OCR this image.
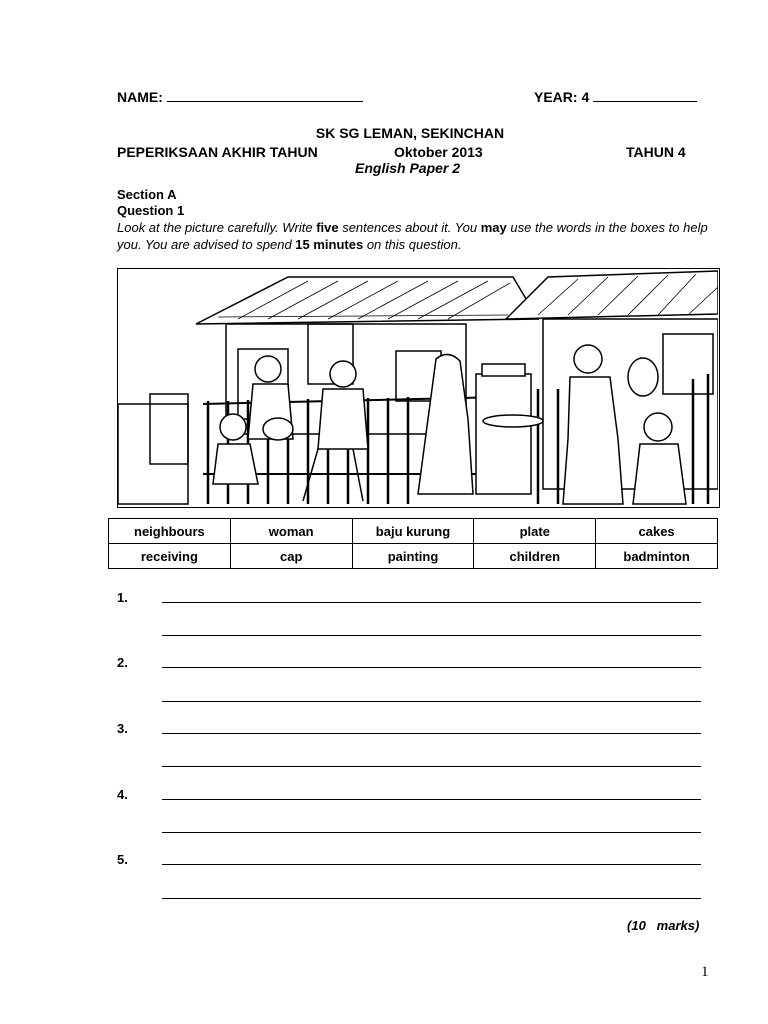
NAME:	YEAR: 4
SK SG LEMAN, SEKINCHAN
PEPERIKSAAN AKHIR TAHUN	Oktober 2013	TAHUN 4
English Paper 2
Section A
Question 1
Look at the picture carefully. Write five sentences about it. You may use the words in the boxes to help you. You are advised to spend 15 minutes on this question.
neighbours	woman	baju kurung	plate	cakes
receiving	cap	painting	children	badminton
1.
2.
3.
4.
5.
(10 marks)
1
